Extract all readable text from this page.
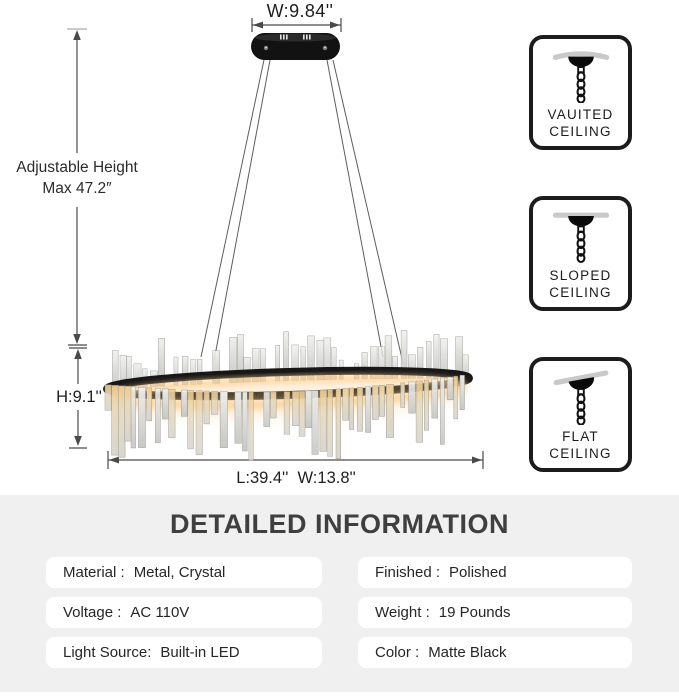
W:9.84''
Adjustable Height
Max 47.2″
H:9.1''
L:39.4''  W:13.8''
VAUITED
CEILING
SLOPED
CEILING
FLAT
CEILING
DETAILED INFORMATION
Material : Metal, Crystal
Voltage : AC 110V
Light Source: Built-in LED
Finished : Polished
Weight : 19 Pounds
Color : Matte Black
